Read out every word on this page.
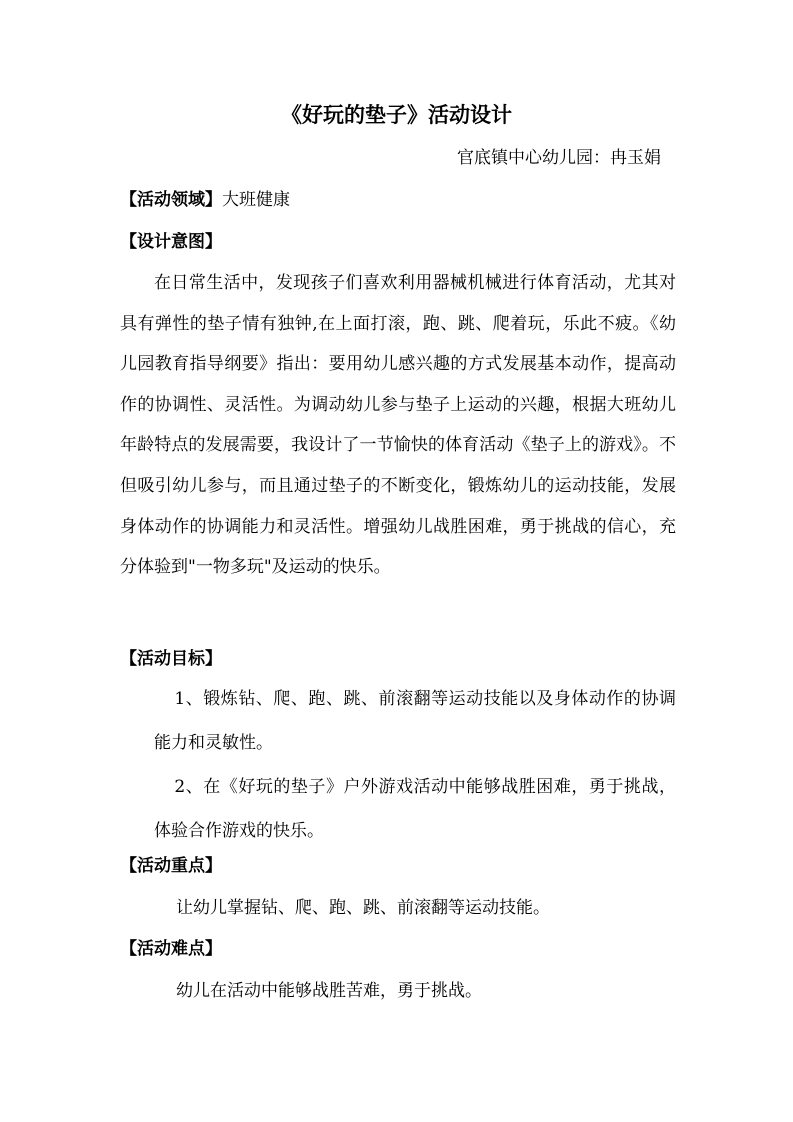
《好玩的垫子》活动设计
官底镇中心幼儿园：冉玉娟
【活动领域】大班健康
【设计意图】

在日常生活中，发现孩子们喜欢利用器械机械进行体育活动，尤其对具有弹性的垫子情有独钟,在上面打滚，跑、跳、爬着玩，乐此不疲。《幼儿园教育指导纲要》指出：要用幼儿感兴趣的方式发展基本动作，提高动作的协调性、灵活性。为调动幼儿参与垫子上运动的兴趣，根据大班幼儿年龄特点的发展需要，我设计了一节愉快的体育活动《垫子上的游戏》。不但吸引幼儿参与，而且通过垫子的不断变化，锻炼幼儿的运动技能，发展身体动作的协调能力和灵活性。增强幼儿战胜困难，勇于挑战的信心，充分体验到"一物多玩"及运动的快乐。

【活动目标】

1、锻炼钻、爬、跑、跳、前滚翻等运动技能以及身体动作的协调能力和灵敏性。

2、在《好玩的垫子》户外游戏活动中能够战胜困难，勇于挑战，体验合作游戏的快乐。

【活动重点】
让幼儿掌握钻、爬、跑、跳、前滚翻等运动技能。
【活动难点】
幼儿在活动中能够战胜苦难，勇于挑战。
